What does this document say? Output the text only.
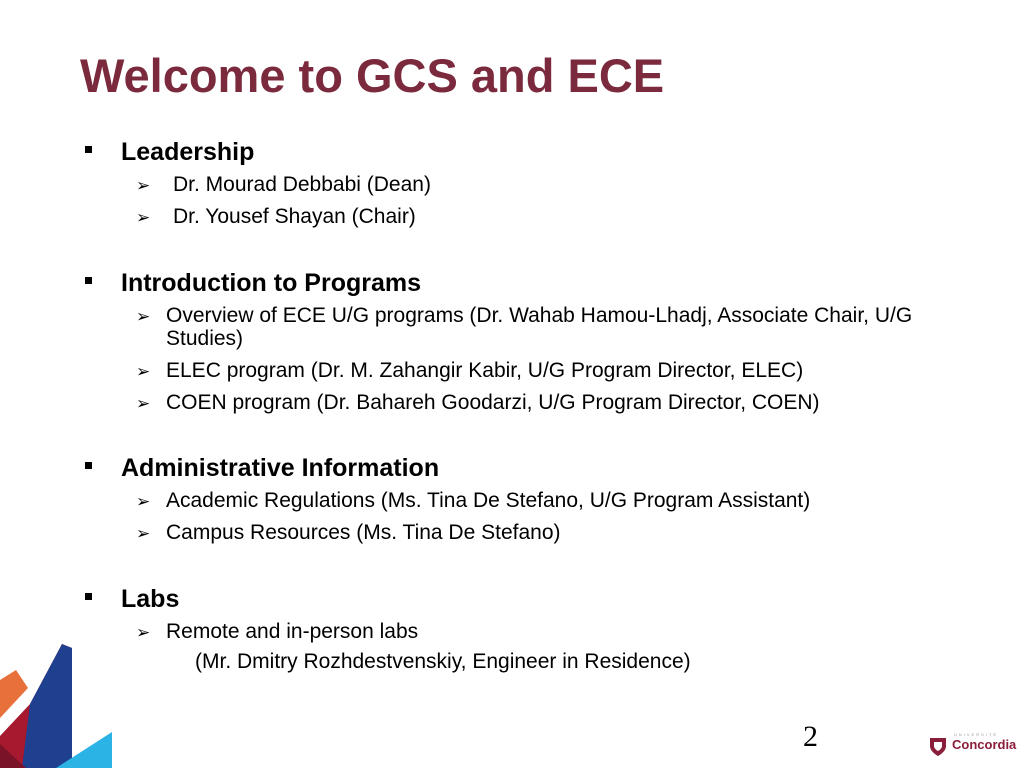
Welcome to GCS and ECE
Leadership
➢	Dr. Mourad Debbabi (Dean)
➢	Dr. Yousef Shayan (Chair)
Introduction to Programs
➢ Overview of ECE U/G programs (Dr. Wahab Hamou-Lhadj, Associate Chair, U/G Studies)
➢ ELEC program (Dr. M. Zahangir Kabir, U/G Program Director, ELEC)
➢ COEN program (Dr. Bahareh Goodarzi, U/G Program Director, COEN)
Administrative Information
➢ Academic Regulations (Ms. Tina De Stefano, U/G Program Assistant)
➢ Campus Resources (Ms. Tina De Stefano)
Labs
➢ Remote and in-person labs
(Mr. Dmitry Rozhdestvenskiy, Engineer in Residence)
2	UNIVERSITÉ
Concordia
